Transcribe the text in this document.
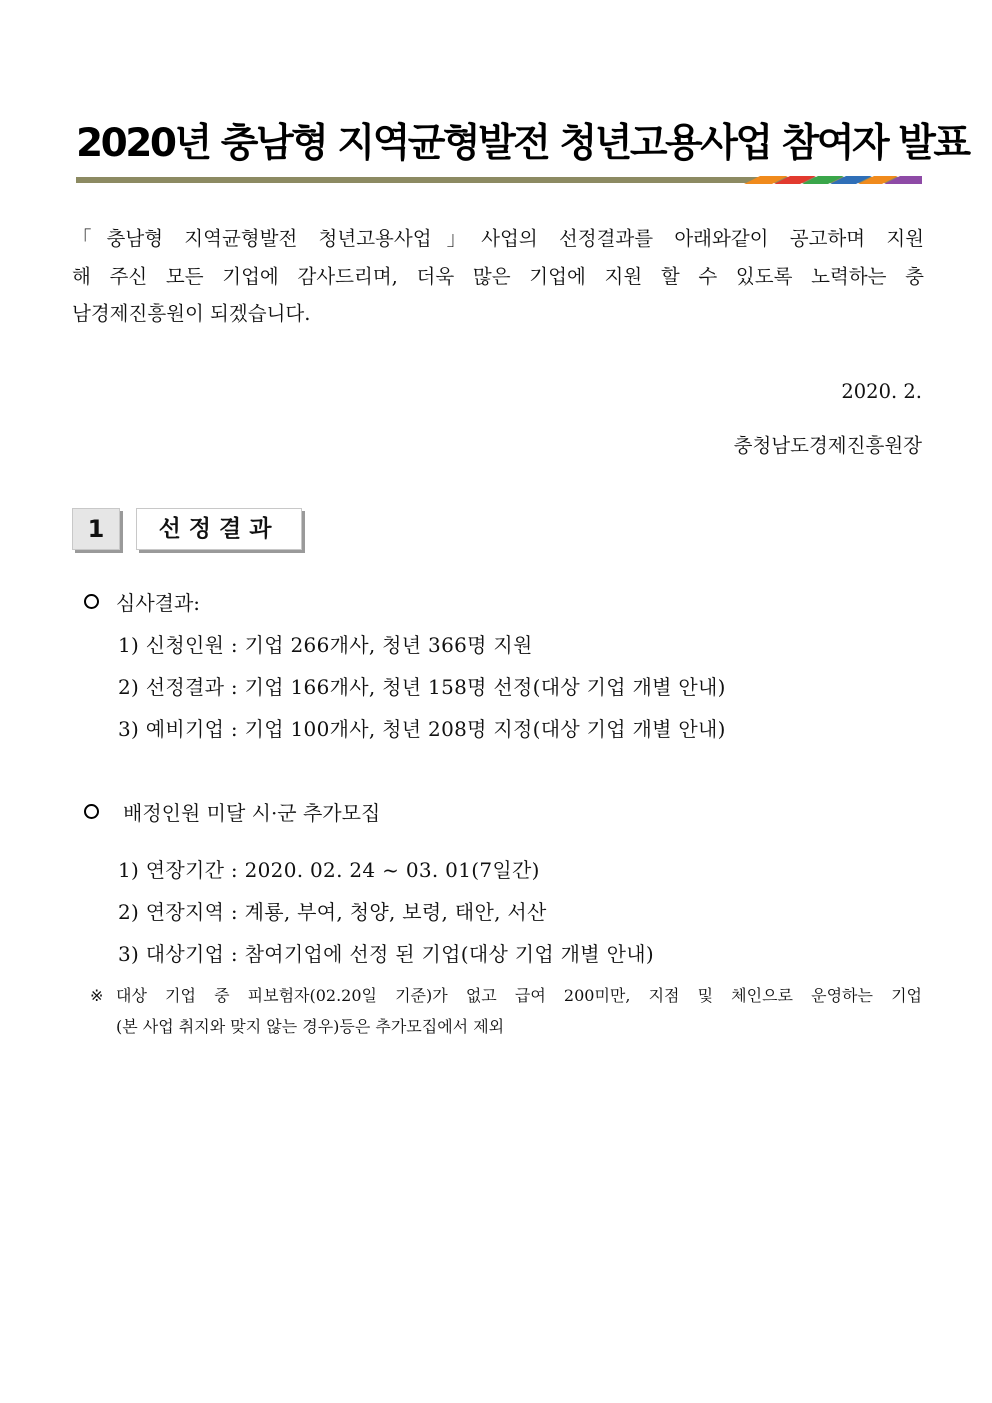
2020년 충남형 지역균형발전 청년고용사업 참여자 발표
「충남형 지역균형발전 청년고용사업」사업의 선정결과를 아래와같이 공고하며 지원
해 주신 모든 기업에 감사드리며, 더욱 많은 기업에 지원 할 수 있도록 노력하는 충
남경제진흥원이 되겠습니다.
2020. 2.
충청남도경제진흥원장
1	선정결과
심사결과:
1) 신청인원 : 기업 266개사, 청년 366명 지원
2) 선정결과 : 기업 166개사, 청년 158명 선정(대상 기업 개별 안내)
3) 예비기업 : 기업 100개사, 청년 208명 지정(대상 기업 개별 안내)
배정인원 미달 시·군 추가모집
1) 연장기간 : 2020. 02. 24 ~ 03. 01(7일간)
2) 연장지역 : 계룡, 부여, 청양, 보령, 태안, 서산
3) 대상기업 : 참여기업에 선정 된 기업(대상 기업 개별 안내)
※ 대상 기업 중 피보험자(02.20일 기준)가 없고 급여 200미만, 지점 및 체인으로 운영하는 기업
(본 사업 취지와 맞지 않는 경우)등은 추가모집에서 제외
